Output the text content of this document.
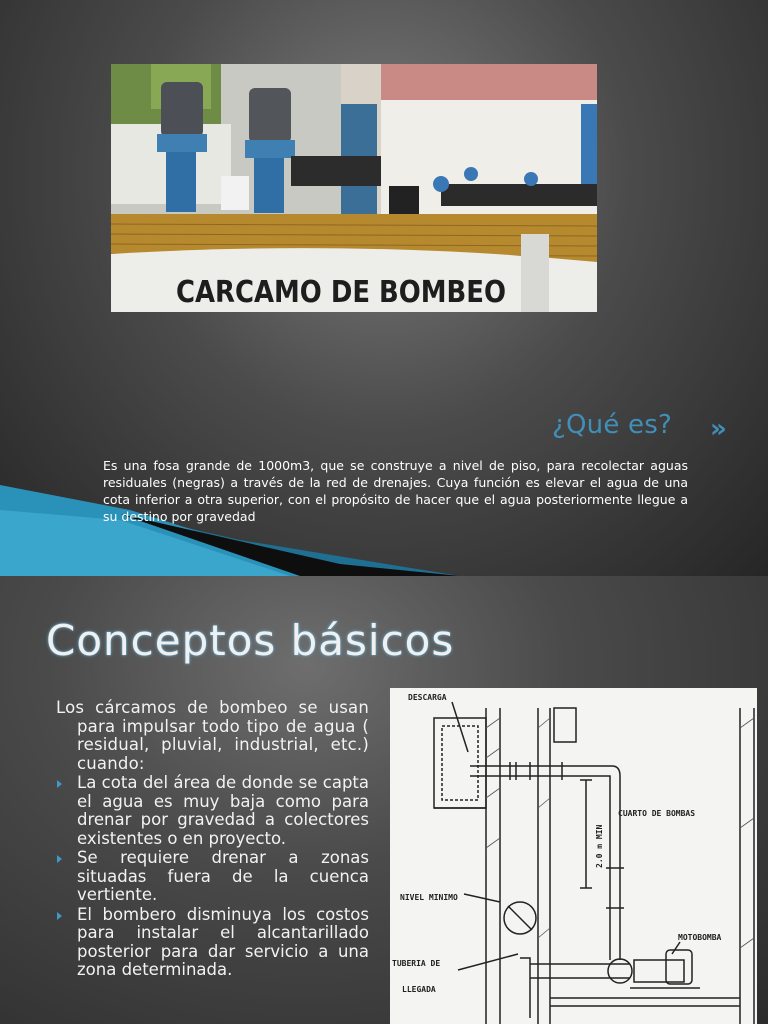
CARCAMO DE BOMBEO
¿Qué es?	»
Es una fosa grande de 1000m3, que se construye a nivel de piso, para recolectar aguas residuales (negras) a través de la red de drenajes. Cuya función es elevar el agua de una cota inferior a otra superior, con el propósito de hacer que el agua posteriormente llegue a su destino por gravedad
Conceptos básicos
Los cárcamos de bombeo se usan para impulsar todo tipo de agua ( residual, pluvial, industrial, etc.) cuando:
La cota del área de donde se capta el agua es muy baja como para drenar por gravedad a colectores existentes o en proyecto.
Se requiere drenar a zonas situadas fuera de la cuenca vertiente.
El bombero disminuya los costos para instalar el alcantarillado posterior para dar servicio a una zona determinada.
DESCARGA
CUARTO DE BOMBAS
2.0 m MIN
NIVEL MINIMO
MOTOBOMBA
TUBERIA DE
LLEGADA
